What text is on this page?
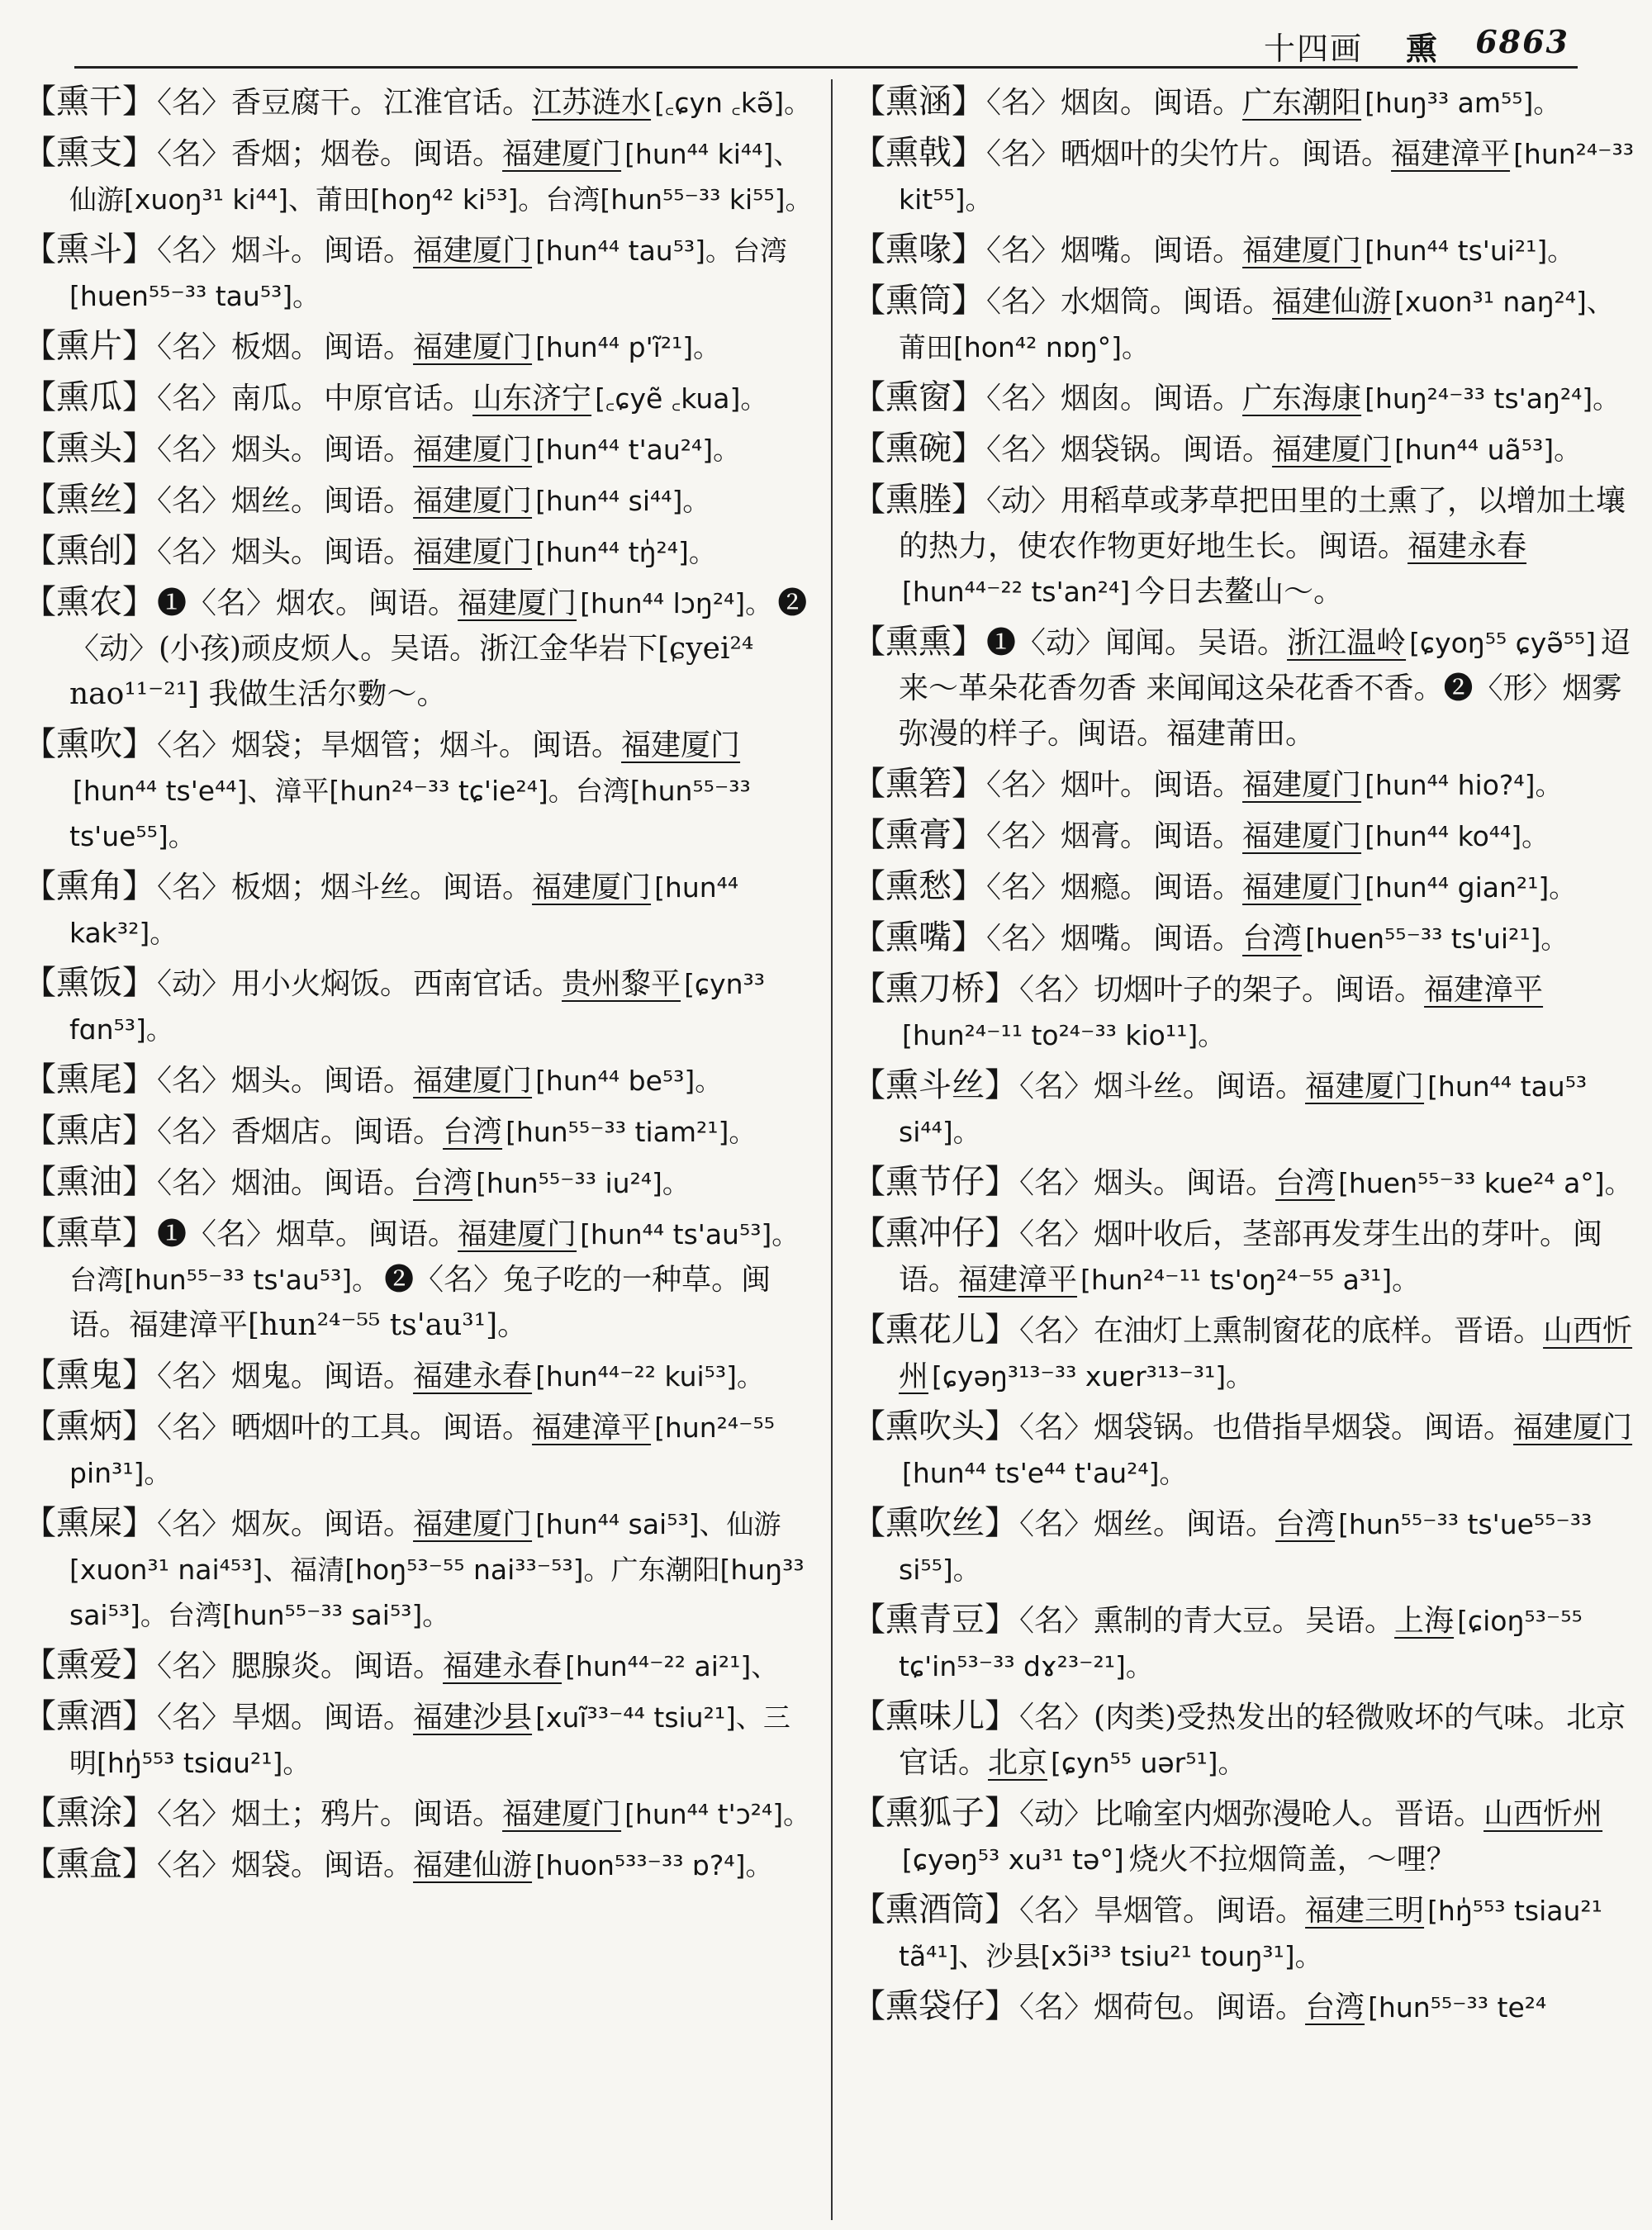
十四画 熏 6863

【熏干】〈名〉香豆腐干。 江淮官话。江苏涟水 [꜀ɕyn ꜀kə̃]。

【熏支】〈名〉香烟；烟卷。 闽语。福建厦门 [hun⁴⁴ ki⁴⁴]、仙游[xuoŋ³¹ ki⁴⁴]、莆田[hoŋ⁴² ki⁵³]。台湾[hun⁵⁵⁻³³ ki⁵⁵]。

【熏斗】〈名〉烟斗。 闽语。福建厦门 [hun⁴⁴ tau⁵³]。台湾[huen⁵⁵⁻³³ tau⁵³]。

【熏片】〈名〉板烟。 闽语。福建厦门 [hun⁴⁴ p'ĩ²¹]。

【熏瓜】〈名〉南瓜。 中原官话。山东济宁 [꜀ɕyẽ ꜀kua]。

【熏头】〈名〉烟头。 闽语。福建厦门 [hun⁴⁴ t'au²⁴]。

【熏丝】〈名〉烟丝。 闽语。福建厦门 [hun⁴⁴ si⁴⁴]。

【熏刣】〈名〉烟头。 闽语。福建厦门 [hun⁴⁴ tŋ̍²⁴]。

【熏农】❶〈名〉烟农。 闽语。福建厦门 [hun⁴⁴ lɔŋ²⁴]。 ❷〈动〉(小孩)顽皮烦人。吴语。浙江金华岩下[ɕyei²⁴ nao¹¹⁻²¹] 我做生活尔覅～。

【熏吹】〈名〉烟袋；旱烟管；烟斗。 闽语。福建厦门[hun⁴⁴ ts'e⁴⁴]、漳平[hun²⁴⁻³³ tɕ'ie²⁴]。台湾[hun⁵⁵⁻³³ ts'ue⁵⁵]。

【熏角】〈名〉板烟；烟斗丝。 闽语。福建厦门 [hun⁴⁴ kak³²]。

【熏饭】〈动〉用小火焖饭。 西南官话。贵州黎平 [ɕyn³³ fɑn⁵³]。

【熏尾】〈名〉烟头。 闽语。福建厦门 [hun⁴⁴ be⁵³]。

【熏店】〈名〉香烟店。 闽语。台湾 [hun⁵⁵⁻³³ tiam²¹]。

【熏油】〈名〉烟油。 闽语。台湾 [hun⁵⁵⁻³³ iu²⁴]。

【熏草】❶〈名〉烟草。 闽语。福建厦门 [hun⁴⁴ ts'au⁵³]。台湾[hun⁵⁵⁻³³ ts'au⁵³]。 ❷〈名〉兔子吃的一种草。闽语。福建漳平[hun²⁴⁻⁵⁵ ts'au³¹]。

【熏鬼】〈名〉烟鬼。 闽语。福建永春 [hun⁴⁴⁻²² kui⁵³]。

【熏炳】〈名〉晒烟叶的工具。 闽语。福建漳平 [hun²⁴⁻⁵⁵ pin³¹]。

【熏屎】〈名〉烟灰。 闽语。福建厦门 [hun⁴⁴ sai⁵³]、仙游[xuon³¹ nai⁴⁵³]、福清[hoŋ⁵³⁻⁵⁵ nai³³⁻⁵³]。广东潮阳[huŋ³³ sai⁵³]。台湾[hun⁵⁵⁻³³ sai⁵³]。

【熏爱】〈名〉腮腺炎。 闽语。福建永春 [hun⁴⁴⁻²² ai²¹]、

【熏酒】〈名〉旱烟。 闽语。福建沙县 [xuĩ³³⁻⁴⁴ tsiu²¹]、三明[hŋ̍⁵⁵³ tsiɑu²¹]。

【熏涂】〈名〉烟土；鸦片。 闽语。福建厦门 [hun⁴⁴ t'ɔ²⁴]。

【熏盒】〈名〉烟袋。 闽语。福建仙游 [huon⁵³³⁻³³ ɒ?⁴]。

【熏涵】〈名〉烟囱。 闽语。广东潮阳 [huŋ³³ am⁵⁵]。

【熏戟】〈名〉晒烟叶的尖竹片。 闽语。福建漳平 [hun²⁴⁻³³ kit⁵⁵]。

【熏喙】〈名〉烟嘴。 闽语。福建厦门 [hun⁴⁴ ts'ui²¹]。

【熏筒】〈名〉水烟筒。 闽语。福建仙游 [xuon³¹ naŋ²⁴]、莆田[hon⁴² nɒŋ°]。

【熏窗】〈名〉烟囱。 闽语。广东海康 [huŋ²⁴⁻³³ ts'aŋ²⁴]。

【熏碗】〈名〉烟袋锅。 闽语。福建厦门 [hun⁴⁴ uã⁵³]。

【熏塍】〈动〉用稻草或茅草把田里的土熏了，以增加土壤的热力，使农作物更好地生长。 闽语。福建永春[hun⁴⁴⁻²² ts'an²⁴] 今日去鳌山～。

【熏熏】❶〈动〉闻闻。 吴语。浙江温岭 [ɕyoŋ⁵⁵ ɕyə̃⁵⁵] 迢来～革朵花香勿香 来闻闻这朵花香不香。❷〈形〉烟雾弥漫的样子。闽语。福建莆田。

【熏箬】〈名〉烟叶。 闽语。福建厦门 [hun⁴⁴ hio?⁴]。

【熏膏】〈名〉烟膏。 闽语。福建厦门 [hun⁴⁴ ko⁴⁴]。

【熏愁】〈名〉烟瘾。 闽语。福建厦门 [hun⁴⁴ gian²¹]。

【熏嘴】〈名〉烟嘴。 闽语。台湾 [huen⁵⁵⁻³³ ts'ui²¹]。

【熏刀桥】〈名〉切烟叶子的架子。 闽语。福建漳平[hun²⁴⁻¹¹ to²⁴⁻³³ kio¹¹]。

【熏斗丝】〈名〉烟斗丝。 闽语。福建厦门 [hun⁴⁴ tau⁵³ si⁴⁴]。

【熏节仔】〈名〉烟头。 闽语。台湾 [huen⁵⁵⁻³³ kue²⁴ a°]。

【熏冲仔】〈名〉烟叶收后，茎部再发芽生出的芽叶。 闽语。福建漳平 [hun²⁴⁻¹¹ ts'oŋ²⁴⁻⁵⁵ a³¹]。

【熏花儿】〈名〉在油灯上熏制窗花的底样。 晋语。山西忻州 [ɕyəŋ³¹³⁻³³ xuɐr³¹³⁻³¹]。

【熏吹头】〈名〉烟袋锅。也借指旱烟袋。 闽语。福建厦门[hun⁴⁴ ts'e⁴⁴ t'au²⁴]。

【熏吹丝】〈名〉烟丝。 闽语。台湾 [hun⁵⁵⁻³³ ts'ue⁵⁵⁻³³ si⁵⁵]。

【熏青豆】〈名〉熏制的青大豆。 吴语。上海 [ɕioŋ⁵³⁻⁵⁵ tɕ'in⁵³⁻³³ dɤ²³⁻²¹]。

【熏味儿】〈名〉(肉类)受热发出的轻微败坏的气味。 北京官话。北京 [ɕyn⁵⁵ uər⁵¹]。

【熏狐子】〈动〉比喻室内烟弥漫呛人。 晋语。山西忻州[ɕyəŋ⁵³ xu³¹ tə°] 烧火不拉烟筒盖，～哩？

【熏酒筒】〈名〉旱烟管。 闽语。福建三明 [hŋ̍⁵⁵³ tsiau²¹ tã⁴¹]、沙县[xɔ̃i³³ tsiu²¹ touŋ³¹]。

【熏袋仔】〈名〉烟荷包。 闽语。台湾 [hun⁵⁵⁻³³ te²⁴
